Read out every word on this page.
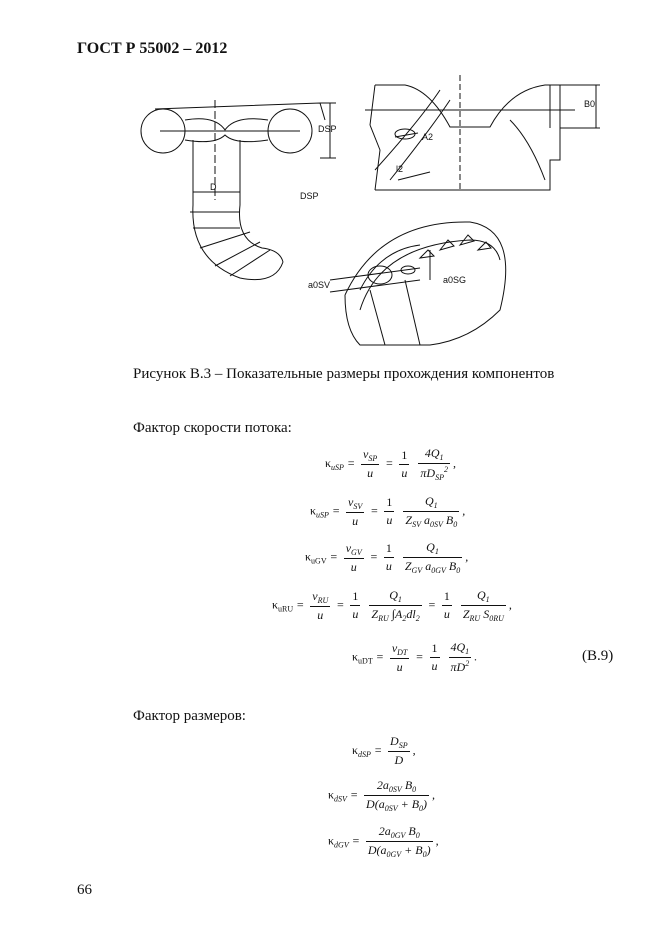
ГОСТ Р 55002 – 2012
DSP
D
DSP
B0
A2
l2
a0SV	a0SG
Рисунок В.3 – Показательные размеры прохождения компонентов
Фактор скорости потока:
$\kappa_{uSP} = \frac{v_{SP}}{u} = \frac{1}{u}$
$\frac{4Q_1}{\pi D_{SP}^2}$ ,
$\kappa_{uSP} = \frac{v_{SV}}{u} = \frac{1}{u}$
$\frac{Q_1}{Z_{SV} a_{0SV} B_0}$ ,
$\kappa_{uGV} = \frac{v_{GV}}{u} = \frac{1}{u}$
$\frac{Q_1}{Z_{GV} a_{0GV} B_0}$ ,
$\kappa_{uRU} = \frac{v_{RU}}{u} = \frac{1}{u}$
$\frac{Q_1}{Z_{RU} \int A_2dl_2} = \frac{1}{u}$
$\frac{Q_1}{Z_{RU} S_{0RU}}$ ,
$\kappa_{uDT} = \frac{v_{DT}}{u} = \frac{1}{u}$
$\frac{4Q_1}{\pi D^2}$ .	(В.9)
Фактор размеров:
$\kappa_{dSP} = \frac{D_{SP}}{D}$ ,
$\kappa_{dSV} = \frac{2a_{0SV} B_0}{D(a_{0SV} + B_0)}$ ,
$\kappa_{dGV} = \frac{2a_{0GV} B_0}{D(a_{0GV} + B_0)}$ ,
66
